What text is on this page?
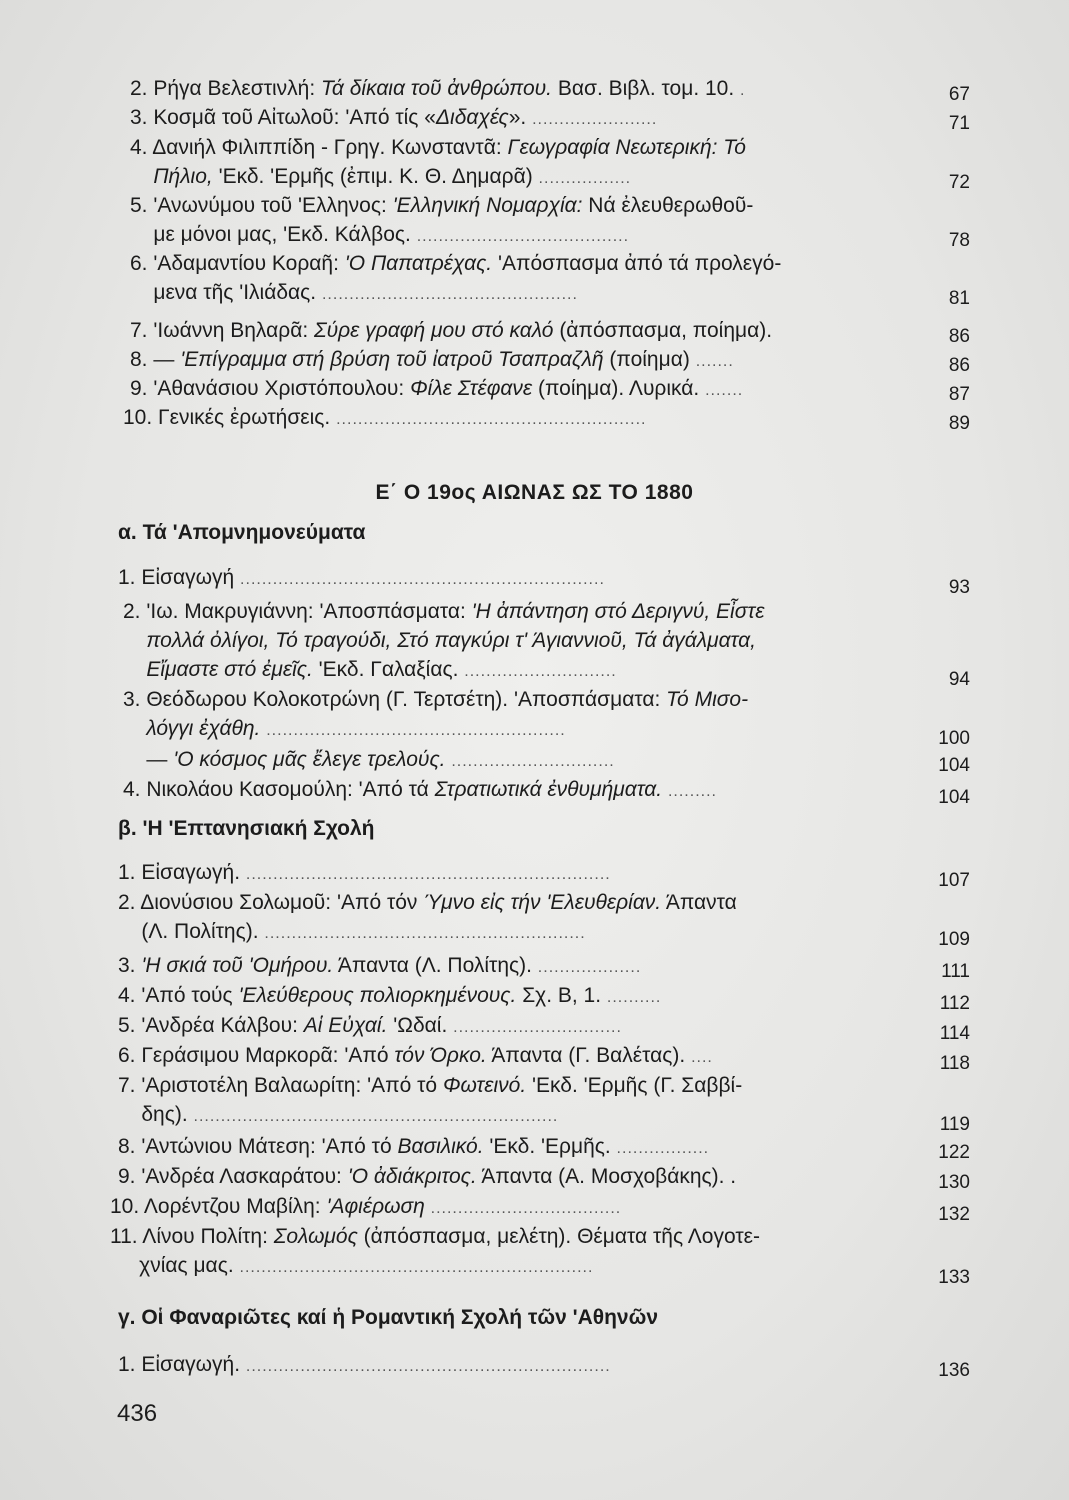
2. Ρήγα Βελεστινλή: Τά δίκαια τοῦ ἀνθρώπου. Βασ. Βιβλ. τομ. 10. .	67
3. Κοσμᾶ τοῦ Αἰτωλοῦ: 'Από τίς «Διδαχές». .......................	71
4. Δανιήλ Φιλιππίδη - Γρηγ. Κωνσταντᾶ: Γεωγραφία Νεωτερική: Τό
Πήλιο, 'Εκδ. 'Ερμῆς (ἐπιμ. Κ. Θ. Δημαρᾶ) .................	72
5. 'Ανωνύμου τοῦ 'Ελληνος: 'Ελληνική Νομαρχία: Νά ἐλευθερωθοῦ-
με μόνοι μας, 'Εκδ. Κάλβος. .......................................	78
6. 'Αδαμαντίου Κοραῆ: 'Ο Παπατρέχας. 'Απόσπασμα ἀπό τά προλεγό-
μενα τῆς 'Ιλιάδας. ...............................................	81
7. 'Ιωάννη Βηλαρᾶ: Σύρε γραφή μου στό καλό (ἀπόσπασμα, ποίημα).	86
8. — 'Επίγραμμα στή βρύση τοῦ ἰατροῦ Τσαπραζλῆ (ποίημα) .......	86
9. 'Αθανάσιου Χριστόπουλου: Φίλε Στέφανε (ποίημα). Λυρικά. .......	87
10. Γενικές ἐρωτήσεις. .........................................................	89
Ε΄ Ο 19ος ΑΙΩΝΑΣ ΩΣ ΤΟ 1880
α. Τά 'Απομνημονεύματα
1. Εἰσαγωγή ...................................................................	93
2. 'Ιω. Μακρυγιάννη: 'Αποσπάσματα: 'Η ἀπάντηση στό Δεριγνύ, Εἶστε
πολλά ὀλίγοι, Τό τραγούδι, Στό παγκύρι τ' Άγιαννιοῦ, Τά ἀγάλματα,
Εἴμαστε στό ἐμεῖς. 'Εκδ. Γαλαξίας. ............................	94
3. Θεόδωρου Κολοκοτρώνη (Γ. Τερτσέτη). 'Αποσπάσματα: Τό Μισο-
λόγγι ἐχάθη. .......................................................	100
— 'Ο κόσμος μᾶς ἔλεγε τρελούς. ..............................	104
4. Νικολάου Κασομούλη: 'Από τά Στρατιωτικά ἐνθυμήματα. .........	104
β. 'Η 'Επτανησιακή Σχολή
1. Εἰσαγωγή. ...................................................................	107
2. Διονύσιου Σολωμοῦ: 'Από τόν Ύμνο εἰς τήν 'Ελευθερίαν. Άπαντα
(Λ. Πολίτης). ...........................................................	109
3. 'Η σκιά τοῦ 'Ομήρου. Άπαντα (Λ. Πολίτης). ...................	111
4. 'Από τούς 'Ελεύθερους πολιορκημένους. Σχ. Β, 1. ..........	112
5. 'Ανδρέα Κάλβου: Αἱ Εὐχαί. 'Ωδαί. ...............................	114
6. Γεράσιμου Μαρκορᾶ: 'Από τόν Όρκο. Άπαντα (Γ. Βαλέτας). ....	118
7. 'Αριστοτέλη Βαλαωρίτη: 'Από τό Φωτεινό. 'Εκδ. 'Ερμῆς (Γ. Σαββί-
δης). ...................................................................	119
8. 'Αντώνιου Μάτεση: 'Από τό Βασιλικό. 'Εκδ. 'Ερμῆς. .................	122
9. 'Ανδρέα Λασκαράτου: 'Ο ἀδιάκριτος. Άπαντα (Α. Μοσχοβάκης). .	130
10. Λορέντζου Μαβίλη: 'Αφιέρωση ...................................	132
11. Λίνου Πολίτη: Σολωμός (ἀπόσπασμα, μελέτη). Θέματα τῆς Λογοτε-
χνίας μας. .................................................................	133
γ. Οἱ Φαναριῶτες καί ἡ Ρομαντική Σχολή τῶν 'Αθηνῶν
1. Εἰσαγωγή. ...................................................................	136
436
